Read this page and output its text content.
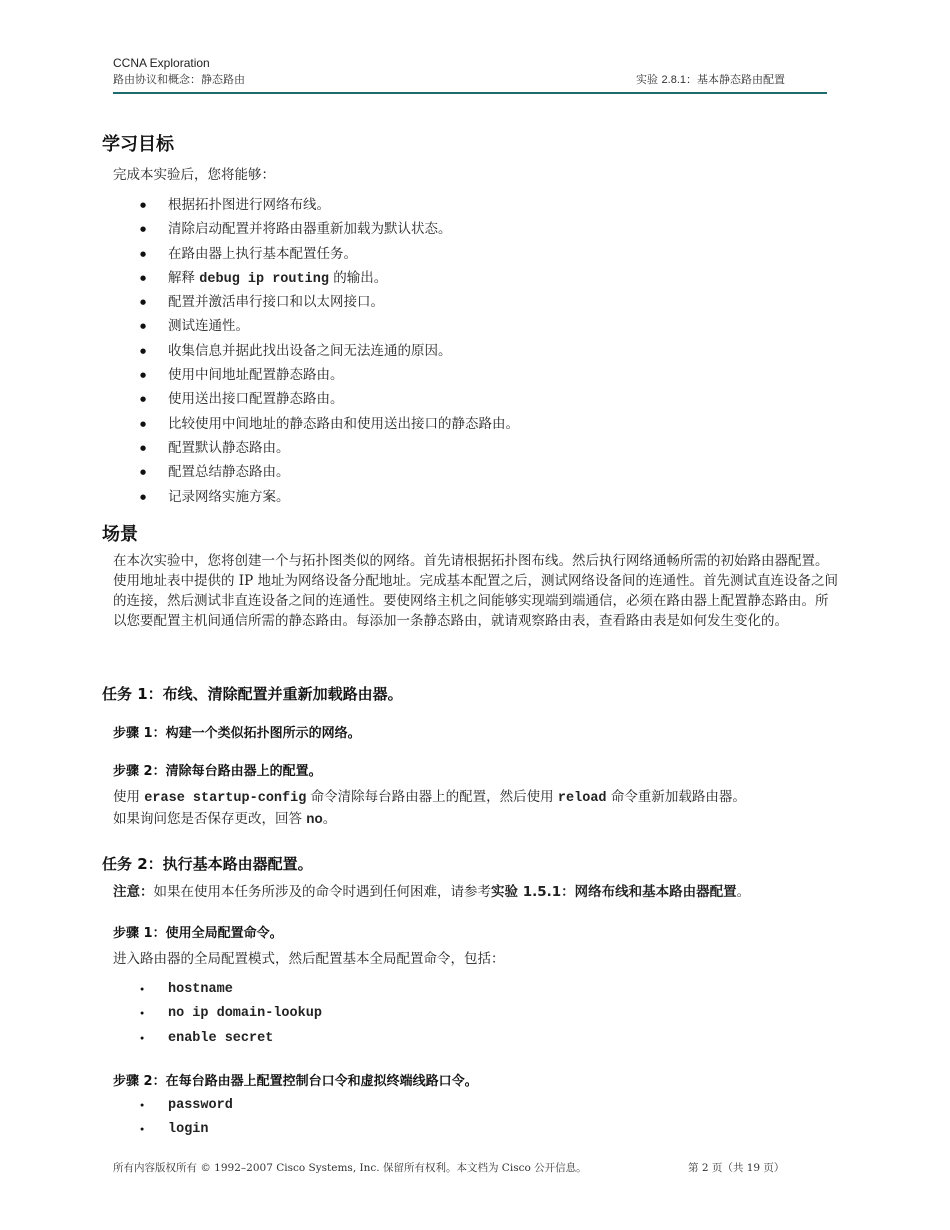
CCNA Exploration
路由协议和概念：静态路由	实验 2.8.1：基本静态路由配置
学习目标
完成本实验后，您将能够：
● 根据拓扑图进行网络布线。
● 清除启动配置并将路由器重新加载为默认状态。
● 在路由器上执行基本配置任务。
● 解释 debug ip routing 的输出。
● 配置并激活串行接口和以太网接口。
● 测试连通性。
● 收集信息并据此找出设备之间无法连通的原因。
● 使用中间地址配置静态路由。
● 使用送出接口配置静态路由。
● 比较使用中间地址的静态路由和使用送出接口的静态路由。
● 配置默认静态路由。
● 配置总结静态路由。
● 记录网络实施方案。
场景
在本次实验中，您将创建一个与拓扑图类似的网络。首先请根据拓扑图布线。然后执行网络通畅所需的初始路由器配置。使用地址表中提供的 IP 地址为网络设备分配地址。完成基本配置之后，测试网络设备间的连通性。首先测试直连设备之间的连接，然后测试非直连设备之间的连通性。要使网络主机之间能够实现端到端通信，必须在路由器上配置静态路由。所以您要配置主机间通信所需的静态路由。每添加一条静态路由，就请观察路由表，查看路由表是如何发生变化的。
任务 1：布线、清除配置并重新加载路由器。
步骤 1：构建一个类似拓扑图所示的网络。
步骤 2：清除每台路由器上的配置。
使用 erase startup-config 命令清除每台路由器上的配置，然后使用 reload 命令重新加载路由器。
如果询问您是否保存更改，回答 no。
任务 2：执行基本路由器配置。
注意：如果在使用本任务所涉及的命令时遇到任何困难，请参考实验 1.5.1：网络布线和基本路由器配置。
步骤 1：使用全局配置命令。
进入路由器的全局配置模式，然后配置基本全局配置命令，包括：
● hostname
● no ip domain-lookup
● enable secret
步骤 2：在每台路由器上配置控制台口令和虚拟终端线路口令。
● password
● login
所有内容版权所有 © 1992–2007 Cisco Systems, Inc. 保留所有权利。本文档为 Cisco 公开信息。	第 2 页（共 19 页）
